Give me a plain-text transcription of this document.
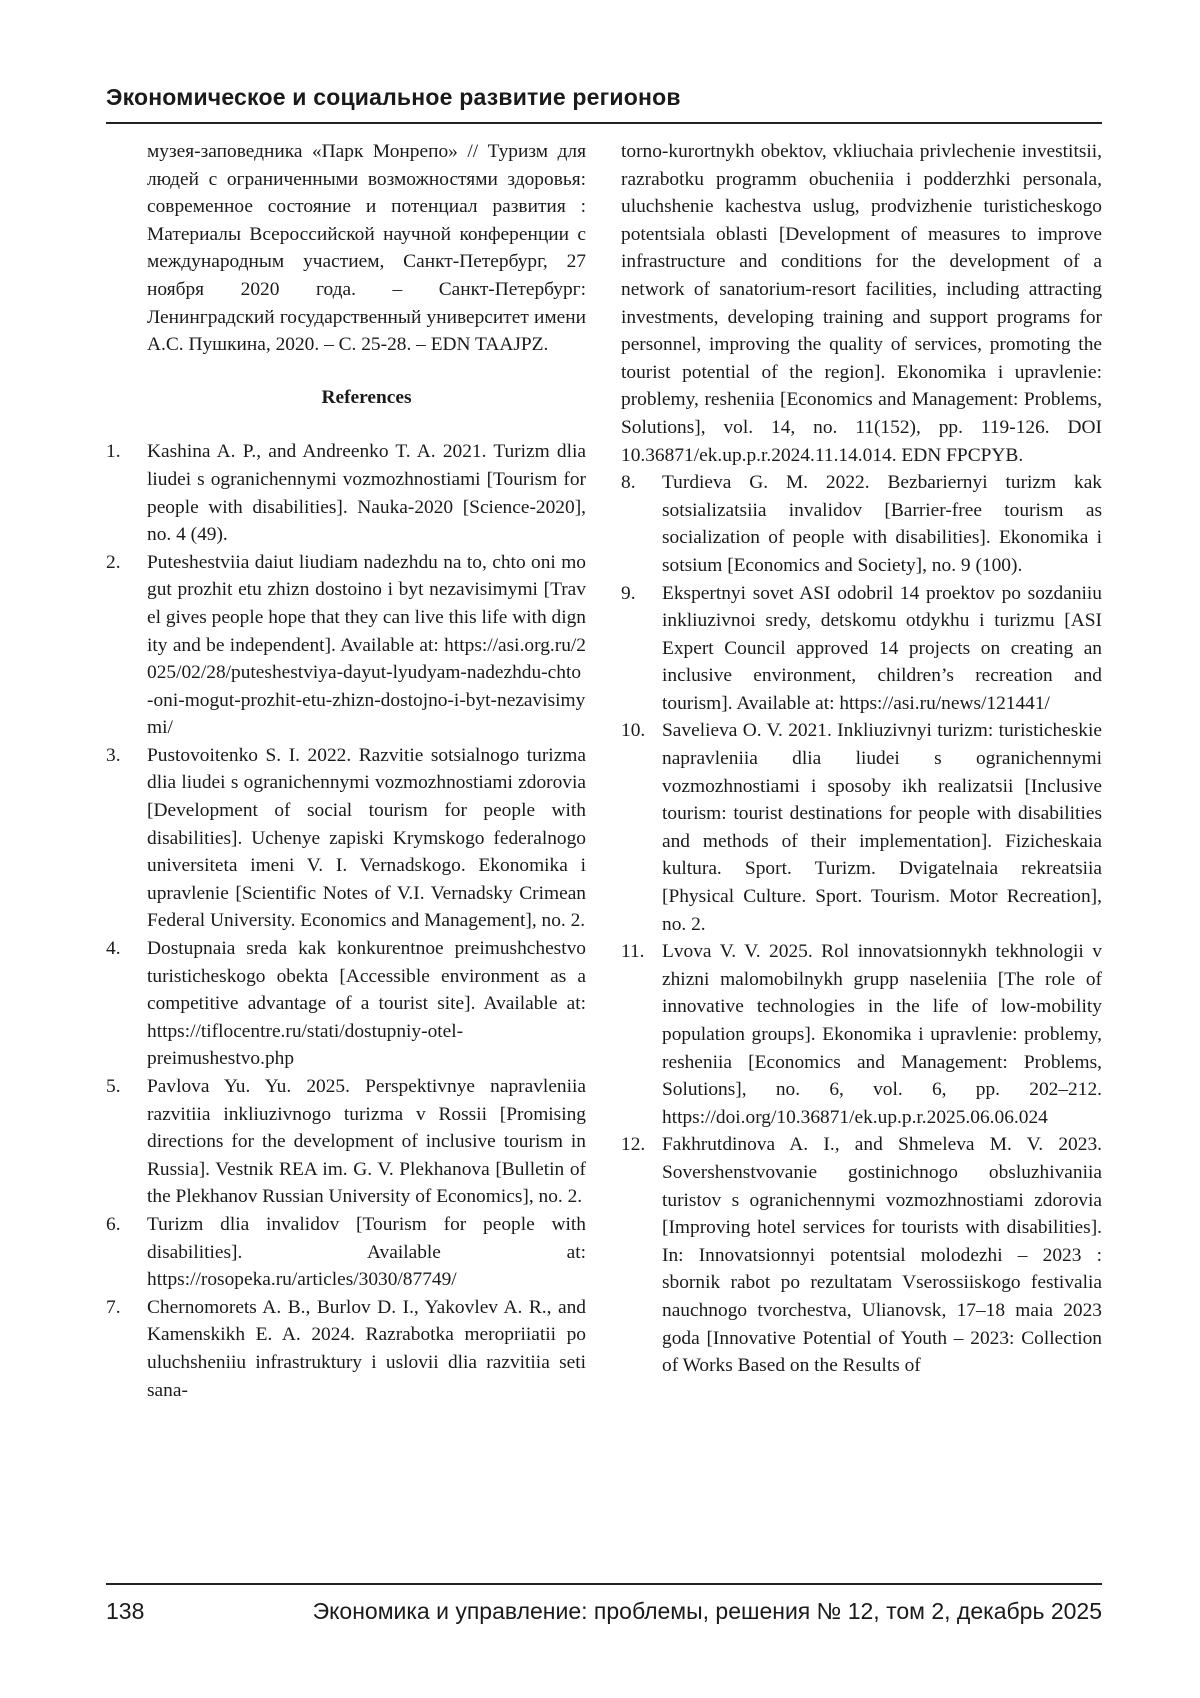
Экономическое и социальное развитие регионов

музея-заповедника «Парк Монрепо» // Туризм для людей с ограниченными возможностями здоровья: современное состояние и потенциал развития : Материалы Всероссийской научной конференции с международным участием, Санкт-Петербург, 27 ноября 2020 года. – Санкт-Петербург: Ленинградский государственный университет имени А.С. Пушкина, 2020. – С. 25-28. – EDN TAAJPZ.

References
1. Kashina A. P., and Andreenko T. A. 2021. Turizm dlia liudei s ogranichennymi vozmozhnostiami [Tourism for people with disabilities]. Nauka-2020 [Science-2020], no. 4 (49).
2. Puteshestviia daiut liudiam nadezhdu na to, chto oni mogut prozhit etu zhizn dostoino i byt nezavisimymi [Travel gives people hope that they can live this life with dignity and be independent]. Available at: https://asi.org.ru/2025/02/28/puteshestviya-dayut-lyudyam-nadezhdu-chto-oni-mogut-prozhit-etu-zhizn-dostojno-i-byt-nezavisimymi/
3. Pustovoitenko S. I. 2022. Razvitie sotsialnogo turizma dlia liudei s ogranichennymi vozmozhnostiami zdorovia [Development of social tourism for people with disabilities]. Uchenye zapiski Krymskogo federalnogo universiteta imeni V. I. Vernadskogo. Ekonomika i upravlenie [Scientific Notes of V.I. Vernadsky Crimean Federal University. Economics and Management], no. 2.
4. Dostupnaia sreda kak konkurentnoe preimushchestvo turisticheskogo obekta [Accessible environment as a competitive advantage of a tourist site]. Available at: https://tiflocentre.ru/stati/dostupniy-otel-preimushestvo.php
5. Pavlova Yu. Yu. 2025. Perspektivnye napravleniia razvitiia inkliuzivnogo turizma v Rossii [Promising directions for the development of inclusive tourism in Russia]. Vestnik REA im. G. V. Plekhanova [Bulletin of the Plekhanov Russian University of Economics], no. 2.
6. Turizm dlia invalidov [Tourism for people with disabilities]. Available at: https://rosopeka.ru/articles/3030/87749/
7. Chernomorets A. B., Burlov D. I., Yakovlev A. R., and Kamenskikh E. A. 2024. Razrabotka meropriiatii po uluchsheniiu infrastruktury i uslovii dlia razvitiia seti sana-

torno-kurortnykh obektov, vkliuchaia privlechenie investitsii, razrabotku programm obucheniia i podderzhki personala, uluchshenie kachestva uslug, prodvizhenie turisticheskogo potentsiala oblasti [Development of measures to improve infrastructure and conditions for the development of a network of sanatorium-resort facilities, including attracting investments, developing training and support programs for personnel, improving the quality of services, promoting the tourist potential of the region]. Ekonomika i upravlenie: problemy, resheniia [Economics and Management: Problems, Solutions], vol. 14, no. 11(152), pp. 119-126. DOI 10.36871/ek.up.p.r.2024.11.14.014. EDN FPCPYB.

8. Turdieva G. M. 2022. Bezbariernyi turizm kak sotsializatsiia invalidov [Barrier-free tourism as socialization of people with disabilities]. Ekonomika i sotsium [Economics and Society], no. 9 (100).
9. Ekspertnyi sovet ASI odobril 14 proektov po sozdaniiu inkliuzivnoi sredy, detskomu otdykhu i turizmu [ASI Expert Council approved 14 projects on creating an inclusive environment, children’s recreation and tourism]. Available at: https://asi.ru/news/121441/
10. Savelieva O. V. 2021. Inkliuzivnyi turizm: turisticheskie napravleniia dlia liudei s ogranichennymi vozmozhnostiami i sposoby ikh realizatsii [Inclusive tourism: tourist destinations for people with disabilities and methods of their implementation]. Fizicheskaia kultura. Sport. Turizm. Dvigatelnaia rekreatsiia [Physical Culture. Sport. Tourism. Motor Recreation], no. 2.
11. Lvova V. V. 2025. Rol innovatsionnykh tekhnologii v zhizni malomobilnykh grupp naseleniia [The role of innovative technologies in the life of low-mobility population groups]. Ekonomika i upravlenie: problemy, resheniia [Economics and Management: Problems, Solutions], no. 6, vol. 6, pp. 202–212. https://doi.org/10.36871/ek.up.p.r.2025.06.06.024
12. Fakhrutdinova A. I., and Shmeleva M. V. 2023. Sovershenstvovanie gostinichnogo obsluzhivaniia turistov s ogranichennymi vozmozhnostiami zdorovia [Improving hotel services for tourists with disabilities]. In: Innovatsionnyi potentsial molodezhi – 2023 : sbornik rabot po rezultatam Vserossiiskogo festivalia nauchnogo tvorchestva, Ulianovsk, 17–18 maia 2023 goda [Innovative Potential of Youth – 2023: Collection of Works Based on the Results of
138	Экономика и управление: проблемы, решения № 12, том 2, декабрь 2025
